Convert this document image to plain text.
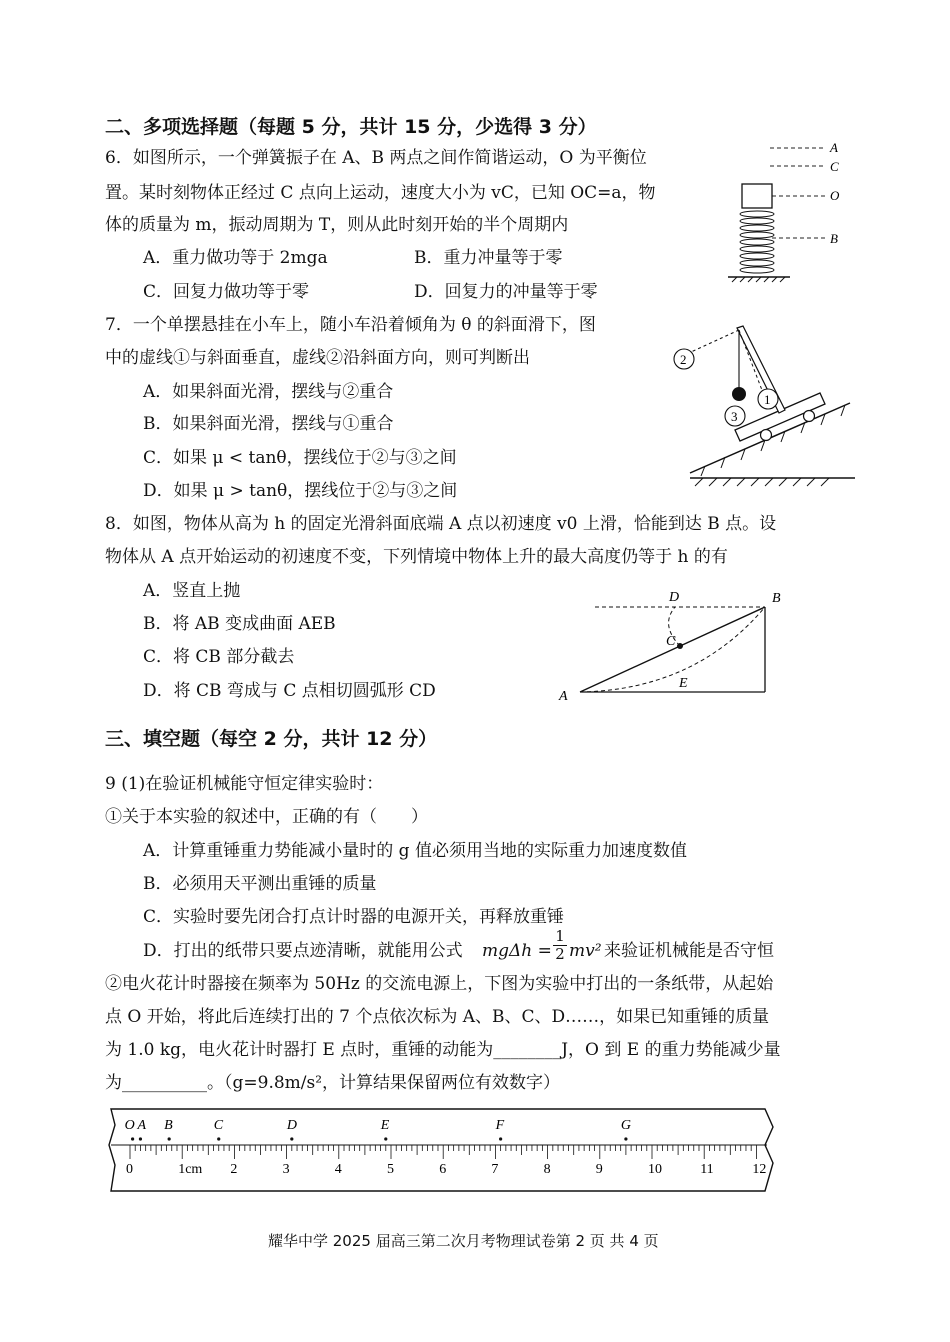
二、多项选择题（每题 5 分，共计 15 分，少选得 3 分）
6．如图所示，一个弹簧振子在 A、B 两点之间作简谐运动，O 为平衡位
置。某时刻物体正经过 C 点向上运动，速度大小为 vC，已知 OC=a，物
体的质量为 m，振动周期为 T，则从此时刻开始的半个周期内
A．重力做功等于 2mga	B．重力冲量等于零
C．回复力做功等于零	D．回复力的冲量等于零
A
C
O
B
7．一个单摆悬挂在小车上，随小车沿着倾角为 θ 的斜面滑下，图
中的虚线①与斜面垂直，虚线②沿斜面方向，则可判断出
A．如果斜面光滑，摆线与②重合
B．如果斜面光滑，摆线与①重合
C．如果 μ < tanθ，摆线位于②与③之间
D．如果 μ > tanθ，摆线位于②与③之间
1
2
3
8．如图，物体从高为 h 的固定光滑斜面底端 A 点以初速度 v0 上滑，恰能到达 B 点。设
物体从 A 点开始运动的初速度不变，下列情境中物体上升的最大高度仍等于 h 的有
A．竖直上抛
B．将 AB 变成曲面 AEB
C．将 CB 部分截去
D．将 CB 弯成与 C 点相切圆弧形 CD	A
B
C
D
E
三、填空题（每空 2 分，共计 12 分）
9 (1)在验证机械能守恒定律实验时：
①关于本实验的叙述中，正确的有（　　）
A．计算重锤重力势能减小量时的 g 值必须用当地的实际重力加速度数值
B．必须用天平测出重锤的质量
C．实验时要先闭合打点计时器的电源开关，再释放重锤
D．打出的纸带只要点迹清晰，就能用公式 $mg\Delta h = \frac{1}{2} mv^2$ 来验证机械能是否守恒
②电火花计时器接在频率为 50Hz 的交流电源上，下图为实验中打出的一条纸带，从起始
点 O 开始，将此后连续打出的 7 个点依次标为 A、B、C、D……，如果已知重锤的质量
为 1.0 kg，电火花计时器打 E 点时，重锤的动能为________J，O 到 E 的重力势能减少量
为__________。（g=9.8m/s²，计算结果保留两位有效数字）
O A B	C	D	E	F	G
0	1cm 2	3	4	5	6	7	8	9	10	11	12
耀华中学 2025 届高三第二次月考物理试卷第 2 页 共 4 页
